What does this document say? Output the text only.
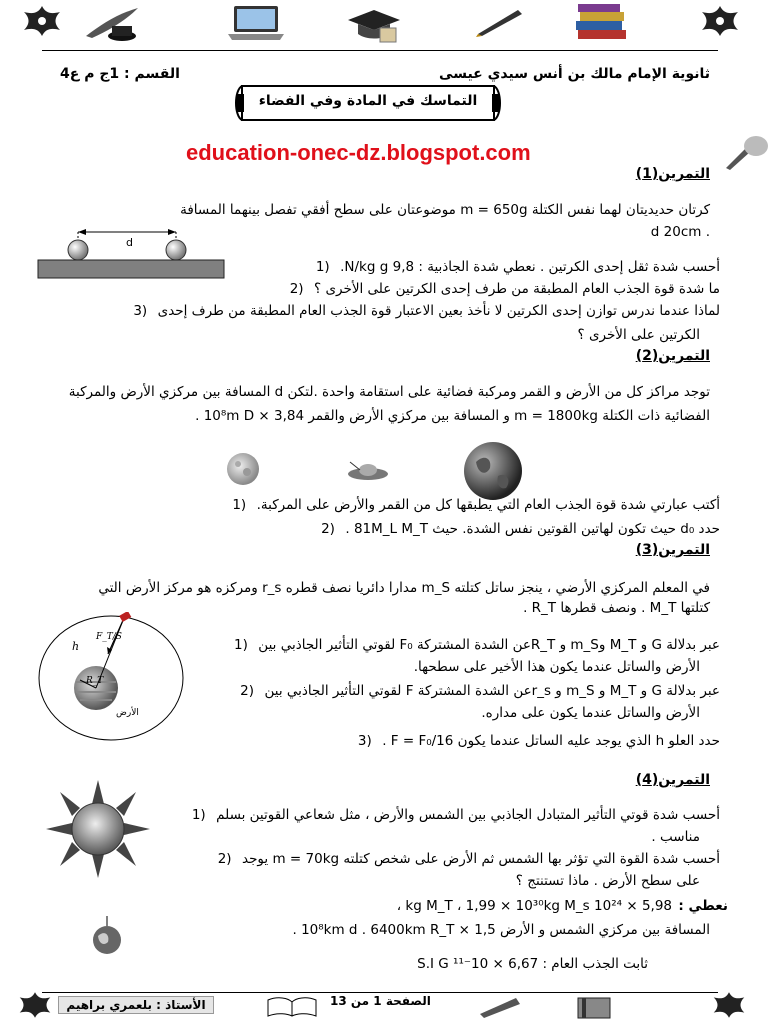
ثانوية الإمام مالك بن أنس سيدي عيسى
القسم : 1ج م ع4
التماسك في المادة وفي الفضاء
education-onec-dz.blogspot.com
التمرين(1)
كرتان حديديتان لهما نفس الكتلة m = 650g موضوعتان على سطح أفقي تفصل بينهما المسافة
. d 20cm
d
أحسب شدة ثقل إحدى الكرتين . نعطي شدة الجاذبية : 9,8 N/kg g. 1)
ما شدة قوة الجذب العام المطبقة من طرف إحدى الكرتين على الأخرى ؟ 2)
لماذا عندما ندرس توازن إحدى الكرتين لا نأخذ بعين الاعتبار قوة الجذب العام المطبقة من طرف إحدى 3)
الكرتين على الأخرى ؟
التمرين(2)
توجد مراكز كل من الأرض و القمر ومركبة فضائية على استقامة واحدة .لتكن d المسافة بين مركزي الأرض والمركبة
الفضائية ذات الكتلة m = 1800kg و المسافة بين مركزي الأرض والقمر 3,84 × 10⁸m D .
أكتب عبارتي شدة قوة الجذب العام التي يطبقها كل من القمر والأرض على المركبة. 1)
حدد d₀ حيث تكون لهاتين القوتين نفس الشدة. حيث 81M_L M_T . 2)
التمرين(3)
في المعلم المركزي الأرضي ، ينجز ساتل كتلته m_S مدارا دائريا نصف قطره r_s ومركزه هو مركز الأرض التي
كتلتها M_T . ونصف قطرها R_T .
h
F_T/S
R_T
الأرض
عبر بدلالة G و M_T وm_S و R_Tعن الشدة المشتركة F₀ لقوتي التأثير الجاذبي بين 1)
الأرض والساتل عندما يكون هذا الأخير على سطحها.
عبر بدلالة G و M_T و m_S و r_sعن الشدة المشتركة F لقوتي التأثير الجاذبي بين 2)
الأرض والساتل عندما يكون على مداره.
حدد العلو h الذي يوجد عليه الساتل عندما يكون F = F₀/16 . 3)
التمرين(4)
أحسب شدة قوتي التأثير المتبادل الجاذبي بين الشمس والأرض ، مثل شعاعي القوتين بسلم 1)
مناسب .
أحسب شدة القوة التي تؤثر بها الشمس ثم الأرض على شخص كتلته m = 70kg يوجد 2)
على سطح الأرض . ماذا تستنتج ؟
نعطي :
5,98 × 10²⁴ kg M_T ، 1,99 × 10³⁰kg M_s ،
المسافة بين مركزي الشمس و الأرض 1,5 × 10⁸km d . 6400km R_T .
ثابت الجذب العام : 6,67 × 10⁻¹¹ S.I G
الأستاذ : بلعمري براهيم	الصفحة 1 من 13
